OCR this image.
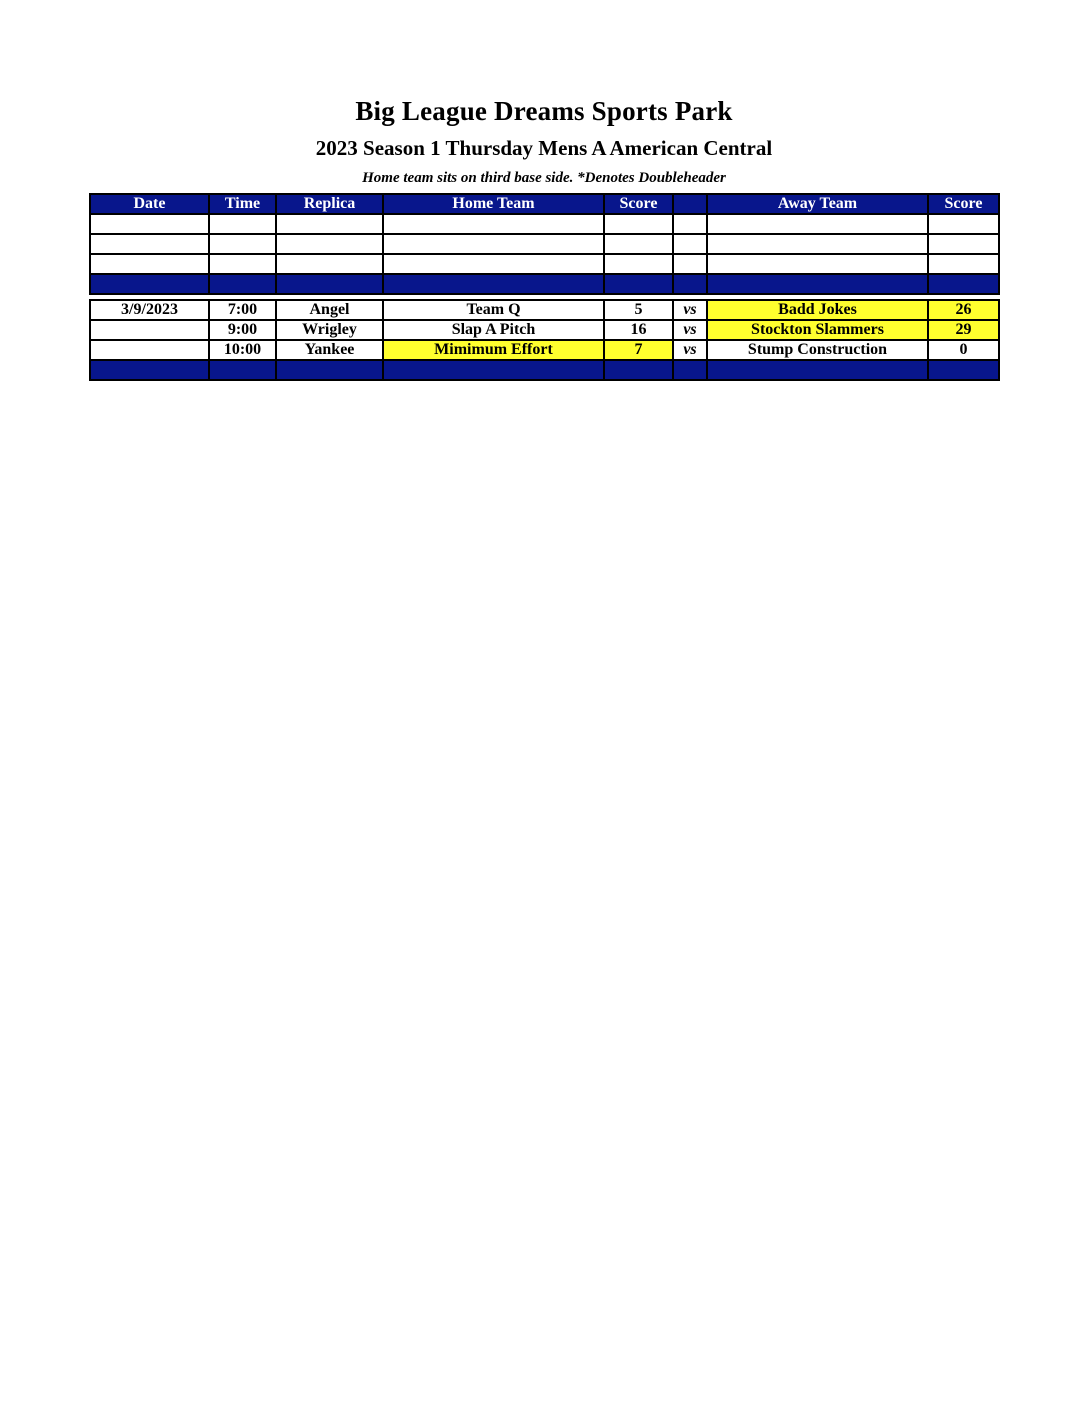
Big League Dreams Sports Park
2023 Season 1 Thursday Mens A American Central
Home team sits on third base side. *Denotes Doubleheader
Date	Time	Replica	Home Team	Score		Away Team	Score

3/9/2023	7:00	Angel	Team Q	5	vs	Badd Jokes	26
	9:00	Wrigley	Slap A Pitch	16	vs	Stockton Slammers	29
	10:00	Yankee	Mimimum Effort	7	vs	Stump Construction	0
